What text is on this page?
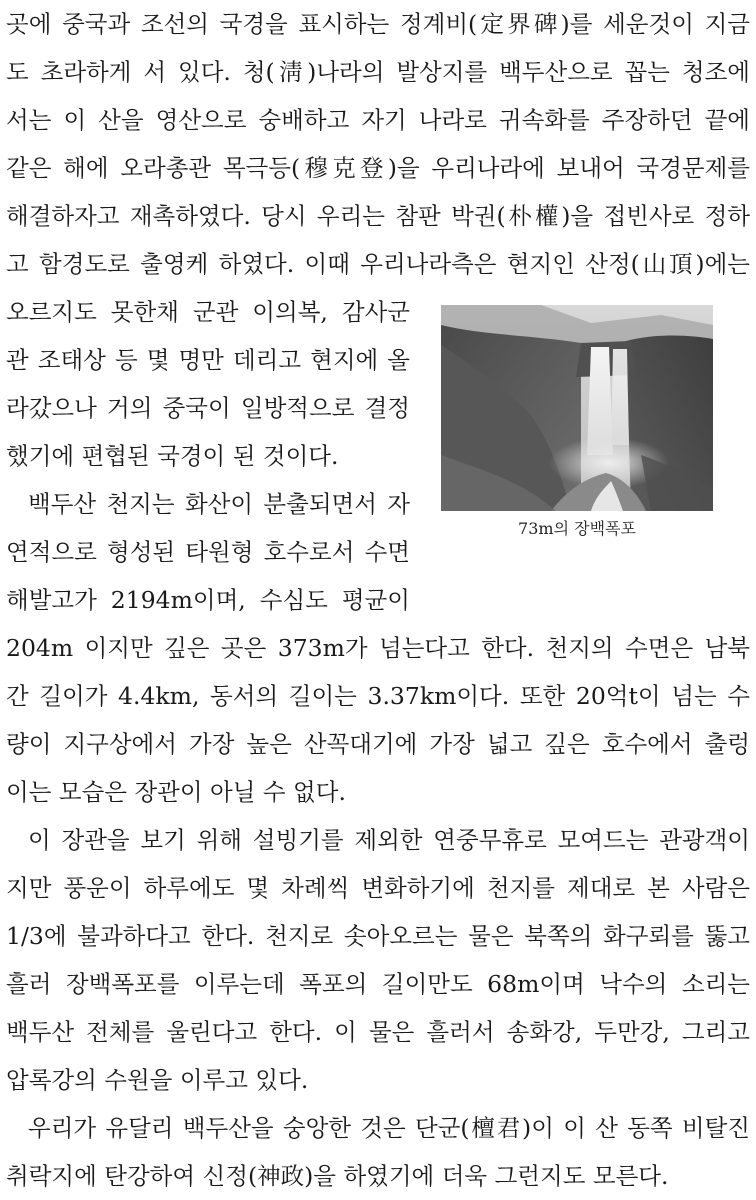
곳에 중국과 조선의 국경을 표시하는 정계비(定界碑)를 세운것이 지금
도 초라하게 서 있다. 청(淸)나라의 발상지를 백두산으로 꼽는 청조에
서는 이 산을 영산으로 숭배하고 자기 나라로 귀속화를 주장하던 끝에
같은 해에 오라총관 목극등(穆克登)을 우리나라에 보내어 국경문제를
해결하자고 재촉하였다. 당시 우리는 참판 박권(朴權)을 접빈사로 정하
고 함경도로 출영케 하였다. 이때 우리나라측은 현지인 산정(山頂)에는
오르지도 못한채 군관 이의복, 감사군
관 조태상 등 몇 명만 데리고 현지에 올
라갔으나 거의 중국이 일방적으로 결정
했기에 편협된 국경이 된 것이다.
백두산 천지는 화산이 분출되면서 자
연적으로 형성된 타원형 호수로서 수면
해발고가 2194m이며, 수심도 평균이
204m 이지만 깊은 곳은 373m가 넘는다고 한다. 천지의 수면은 남북
간 길이가 4.4km, 동서의 길이는 3.37km이다. 또한 20억t이 넘는 수
량이 지구상에서 가장 높은 산꼭대기에 가장 넓고 깊은 호수에서 출렁
이는 모습은 장관이 아닐 수 없다.
이 장관을 보기 위해 설빙기를 제외한 연중무휴로 모여드는 관광객이
지만 풍운이 하루에도 몇 차례씩 변화하기에 천지를 제대로 본 사람은
1/3에 불과하다고 한다. 천지로 솟아오르는 물은 북쪽의 화구뢰를 뚫고
흘러 장백폭포를 이루는데 폭포의 길이만도 68m이며 낙수의 소리는
백두산 전체를 울린다고 한다. 이 물은 흘러서 송화강, 두만강, 그리고
압록강의 수원을 이루고 있다.
우리가 유달리 백두산을 숭앙한 것은 단군(檀君)이 이 산 동쪽 비탈진
취락지에 탄강하여 신정(神政)을 하였기에 더욱 그런지도 모른다.
73m의 장백폭포
